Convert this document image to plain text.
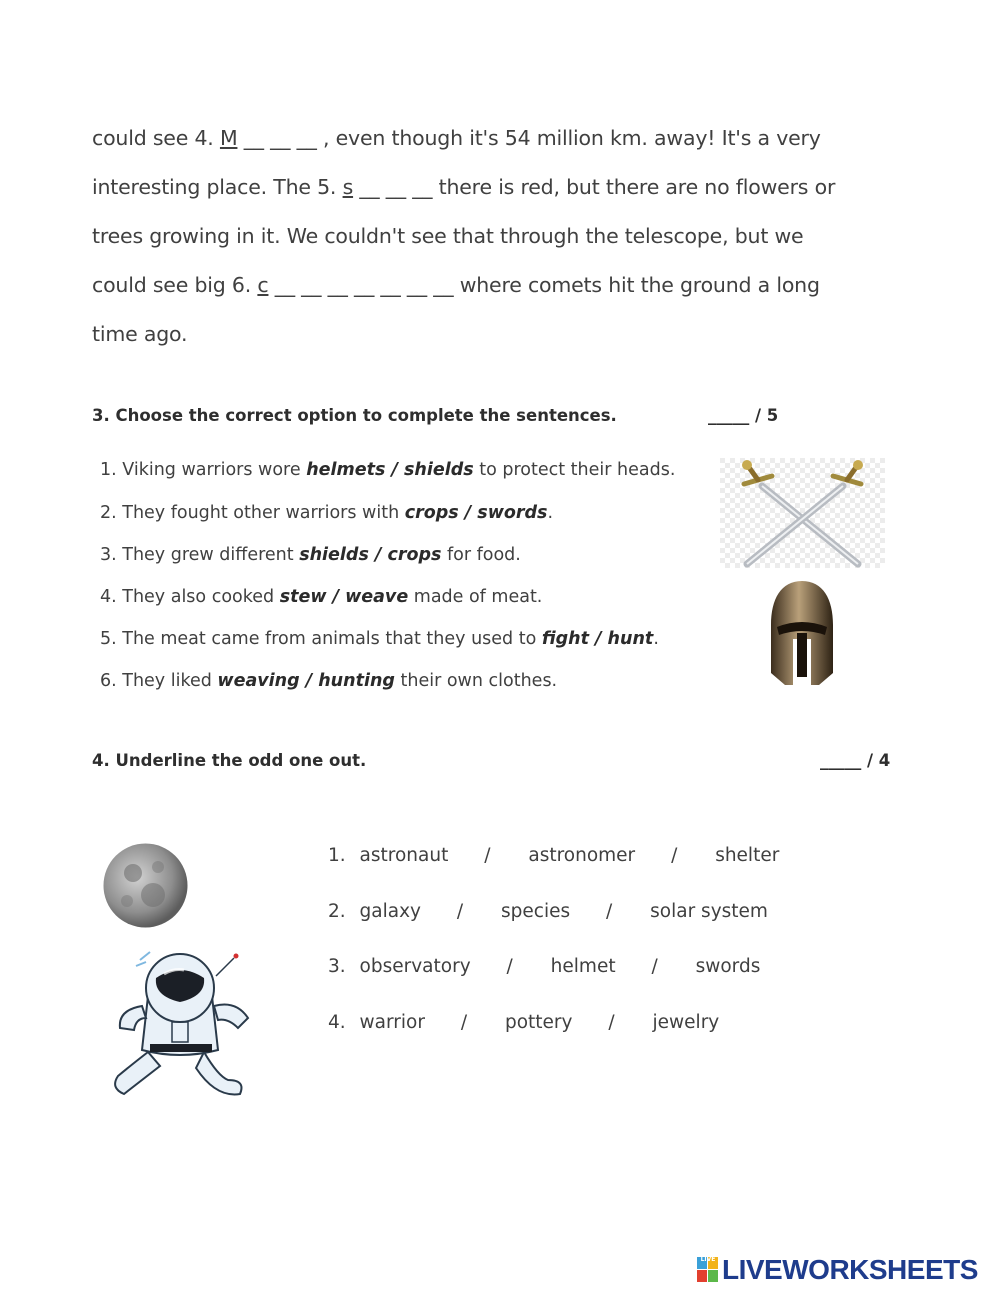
could see 4. M __ __ __ , even though it's 54 million km. away! It's a very
interesting place. The 5. s __ __ __ there is red, but there are no flowers or
trees growing in it. We couldn't see that through the telescope, but we
could see big 6. c __ __ __ __ __ __ __ where comets hit the ground a long
time ago.
3. Choose the correct option to complete the sentences.	_____ / 5
1. Viking warriors wore helmets / shields to protect their heads.
2. They fought other warriors with crops / swords.
3. They grew different shields / crops for food.
4. They also cooked stew / weave made of meat.
5. The meat came from animals that they used to fight / hunt.
6. They liked weaving / hunting their own clothes.
4. Underline the odd one out.	_____ / 4
1. astronaut / astronomer / shelter
2. galaxy / species / solar system
3. observatory / helmet / swords
4. warrior / pottery / jewelry
LIVE LIVEWORKSHEETS
